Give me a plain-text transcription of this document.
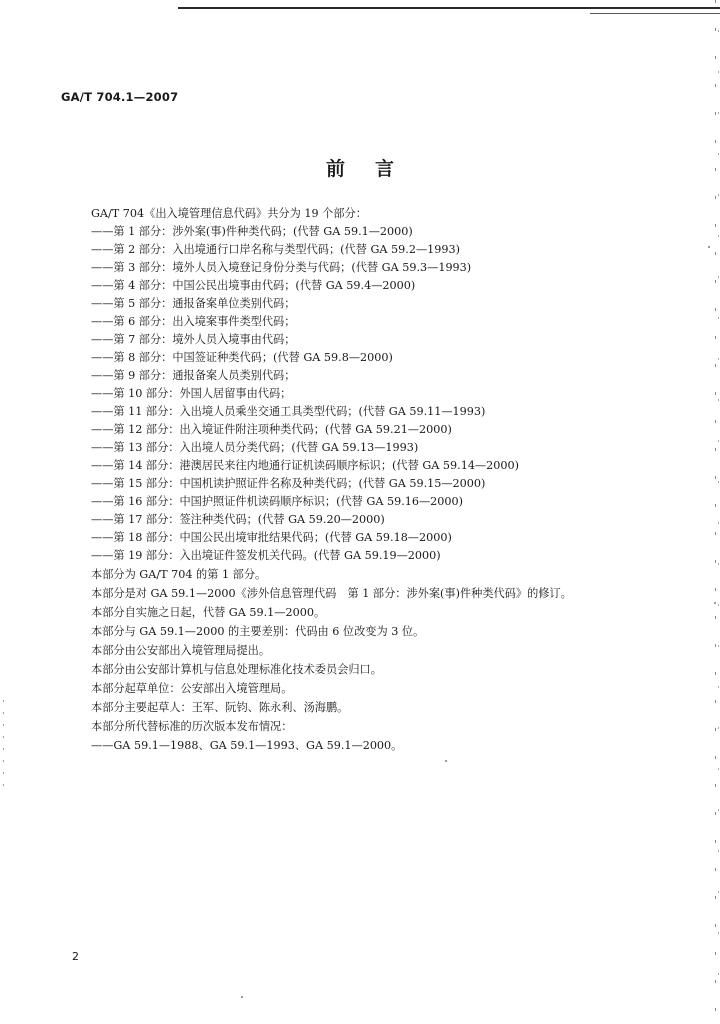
GA/T 704.1—2007
前言
GA/T 704《出入境管理信息代码》共分为 19 个部分：
——第 1 部分：涉外案(事)件种类代码；(代替 GA 59.1—2000)
——第 2 部分：入出境通行口岸名称与类型代码；(代替 GA 59.2—1993)
——第 3 部分：境外人员入境登记身份分类与代码；(代替 GA 59.3—1993)
——第 4 部分：中国公民出境事由代码；(代替 GA 59.4—2000)
——第 5 部分：通报备案单位类别代码；
——第 6 部分：出入境案事件类型代码；
——第 7 部分：境外人员入境事由代码；
——第 8 部分：中国签证种类代码；(代替 GA 59.8—2000)
——第 9 部分：通报备案人员类别代码；
——第 10 部分：外国人居留事由代码；
——第 11 部分：入出境人员乘坐交通工具类型代码；(代替 GA 59.11—1993)
——第 12 部分：出入境证件附注项种类代码；(代替 GA 59.21—2000)
——第 13 部分：入出境人员分类代码；(代替 GA 59.13—1993)
——第 14 部分：港澳居民来往内地通行证机读码顺序标识；(代替 GA 59.14—2000)
——第 15 部分：中国机读护照证件名称及种类代码；(代替 GA 59.15—2000)
——第 16 部分：中国护照证件机读码顺序标识；(代替 GA 59.16—2000)
——第 17 部分：签注种类代码；(代替 GA 59.20—2000)
——第 18 部分：中国公民出境审批结果代码；(代替 GA 59.18—2000)
——第 19 部分：入出境证件签发机关代码。(代替 GA 59.19—2000)
本部分为 GA/T 704 的第 1 部分。
本部分是对 GA 59.1—2000《涉外信息管理代码　第 1 部分：涉外案(事)件种类代码》的修订。
本部分自实施之日起，代替 GA 59.1—2000。
本部分与 GA 59.1—2000 的主要差别：代码由 6 位改变为 3 位。
本部分由公安部出入境管理局提出。
本部分由公安部计算机与信息处理标准化技术委员会归口。
本部分起草单位：公安部出入境管理局。
本部分主要起草人：王军、阮钧、陈永利、汤海鹏。
本部分所代替标准的历次版本发布情况：
——GA 59.1—1988、GA 59.1—1993、GA 59.1—2000。
2
